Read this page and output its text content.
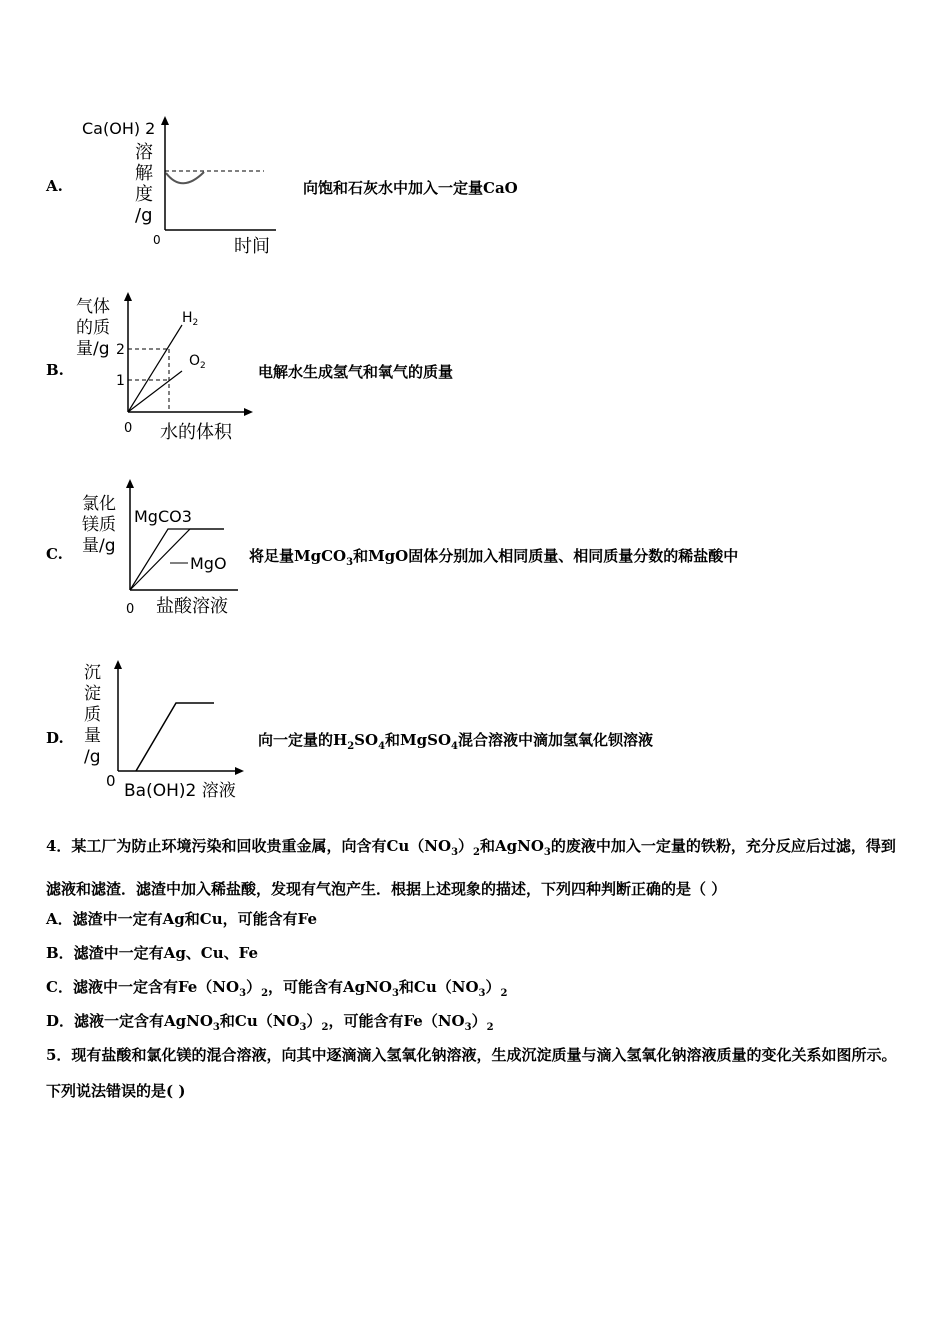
A.
Ca(OH) 2
溶
解
度
/g
0	时间
向饱和石灰水中加入一定量CaO
B.
气体
的质
量/g 2
1
$H_2$
$O_2$
0 水的体积
电解水生成氢气和氧气的质量
C.
氯化
镁质
量/g
MgCO3
MgO
0 盐酸溶液
将足量MgCO$_3$和MgO固体分别加入相同质量、相同质量分数的稀盐酸中
D.
沉
淀
质
量
/g
0 Ba(OH)2 溶液
向一定量的$H_2SO_4$和MgSO$_4$混合溶液中滴加氢氧化钡溶液
4．某工厂为防止环境污染和回收贵重金属，向含有$Cu(NO_3)_2$和AgNO$_3$的废液中加入一定量的铁粉，充分反应后过滤，得到滤液和滤渣．滤渣中加入稀盐酸，发现有气泡产生．根据上述现象的描述，下列四种判断正确的是（ ）
A．滤渣中一定有Ag和Cu，可能含有Fe
B．滤渣中一定有Ag、Cu、Fe
C．滤液中一定含有$Fe(NO_3)_2$，可能含有AgNO$_3$和$Cu(NO_3)_2$
D．滤液一定含有AgNO$_3$和$Cu(NO_3)_2$，可能含有$Fe(NO_3)_2$
5．现有盐酸和氯化镁的混合溶液，向其中逐滴滴入氢氧化钠溶液，生成沉淀质量与滴入氢氧化钠溶液质量的变化关系如图所示。下列说法错误的是( )
